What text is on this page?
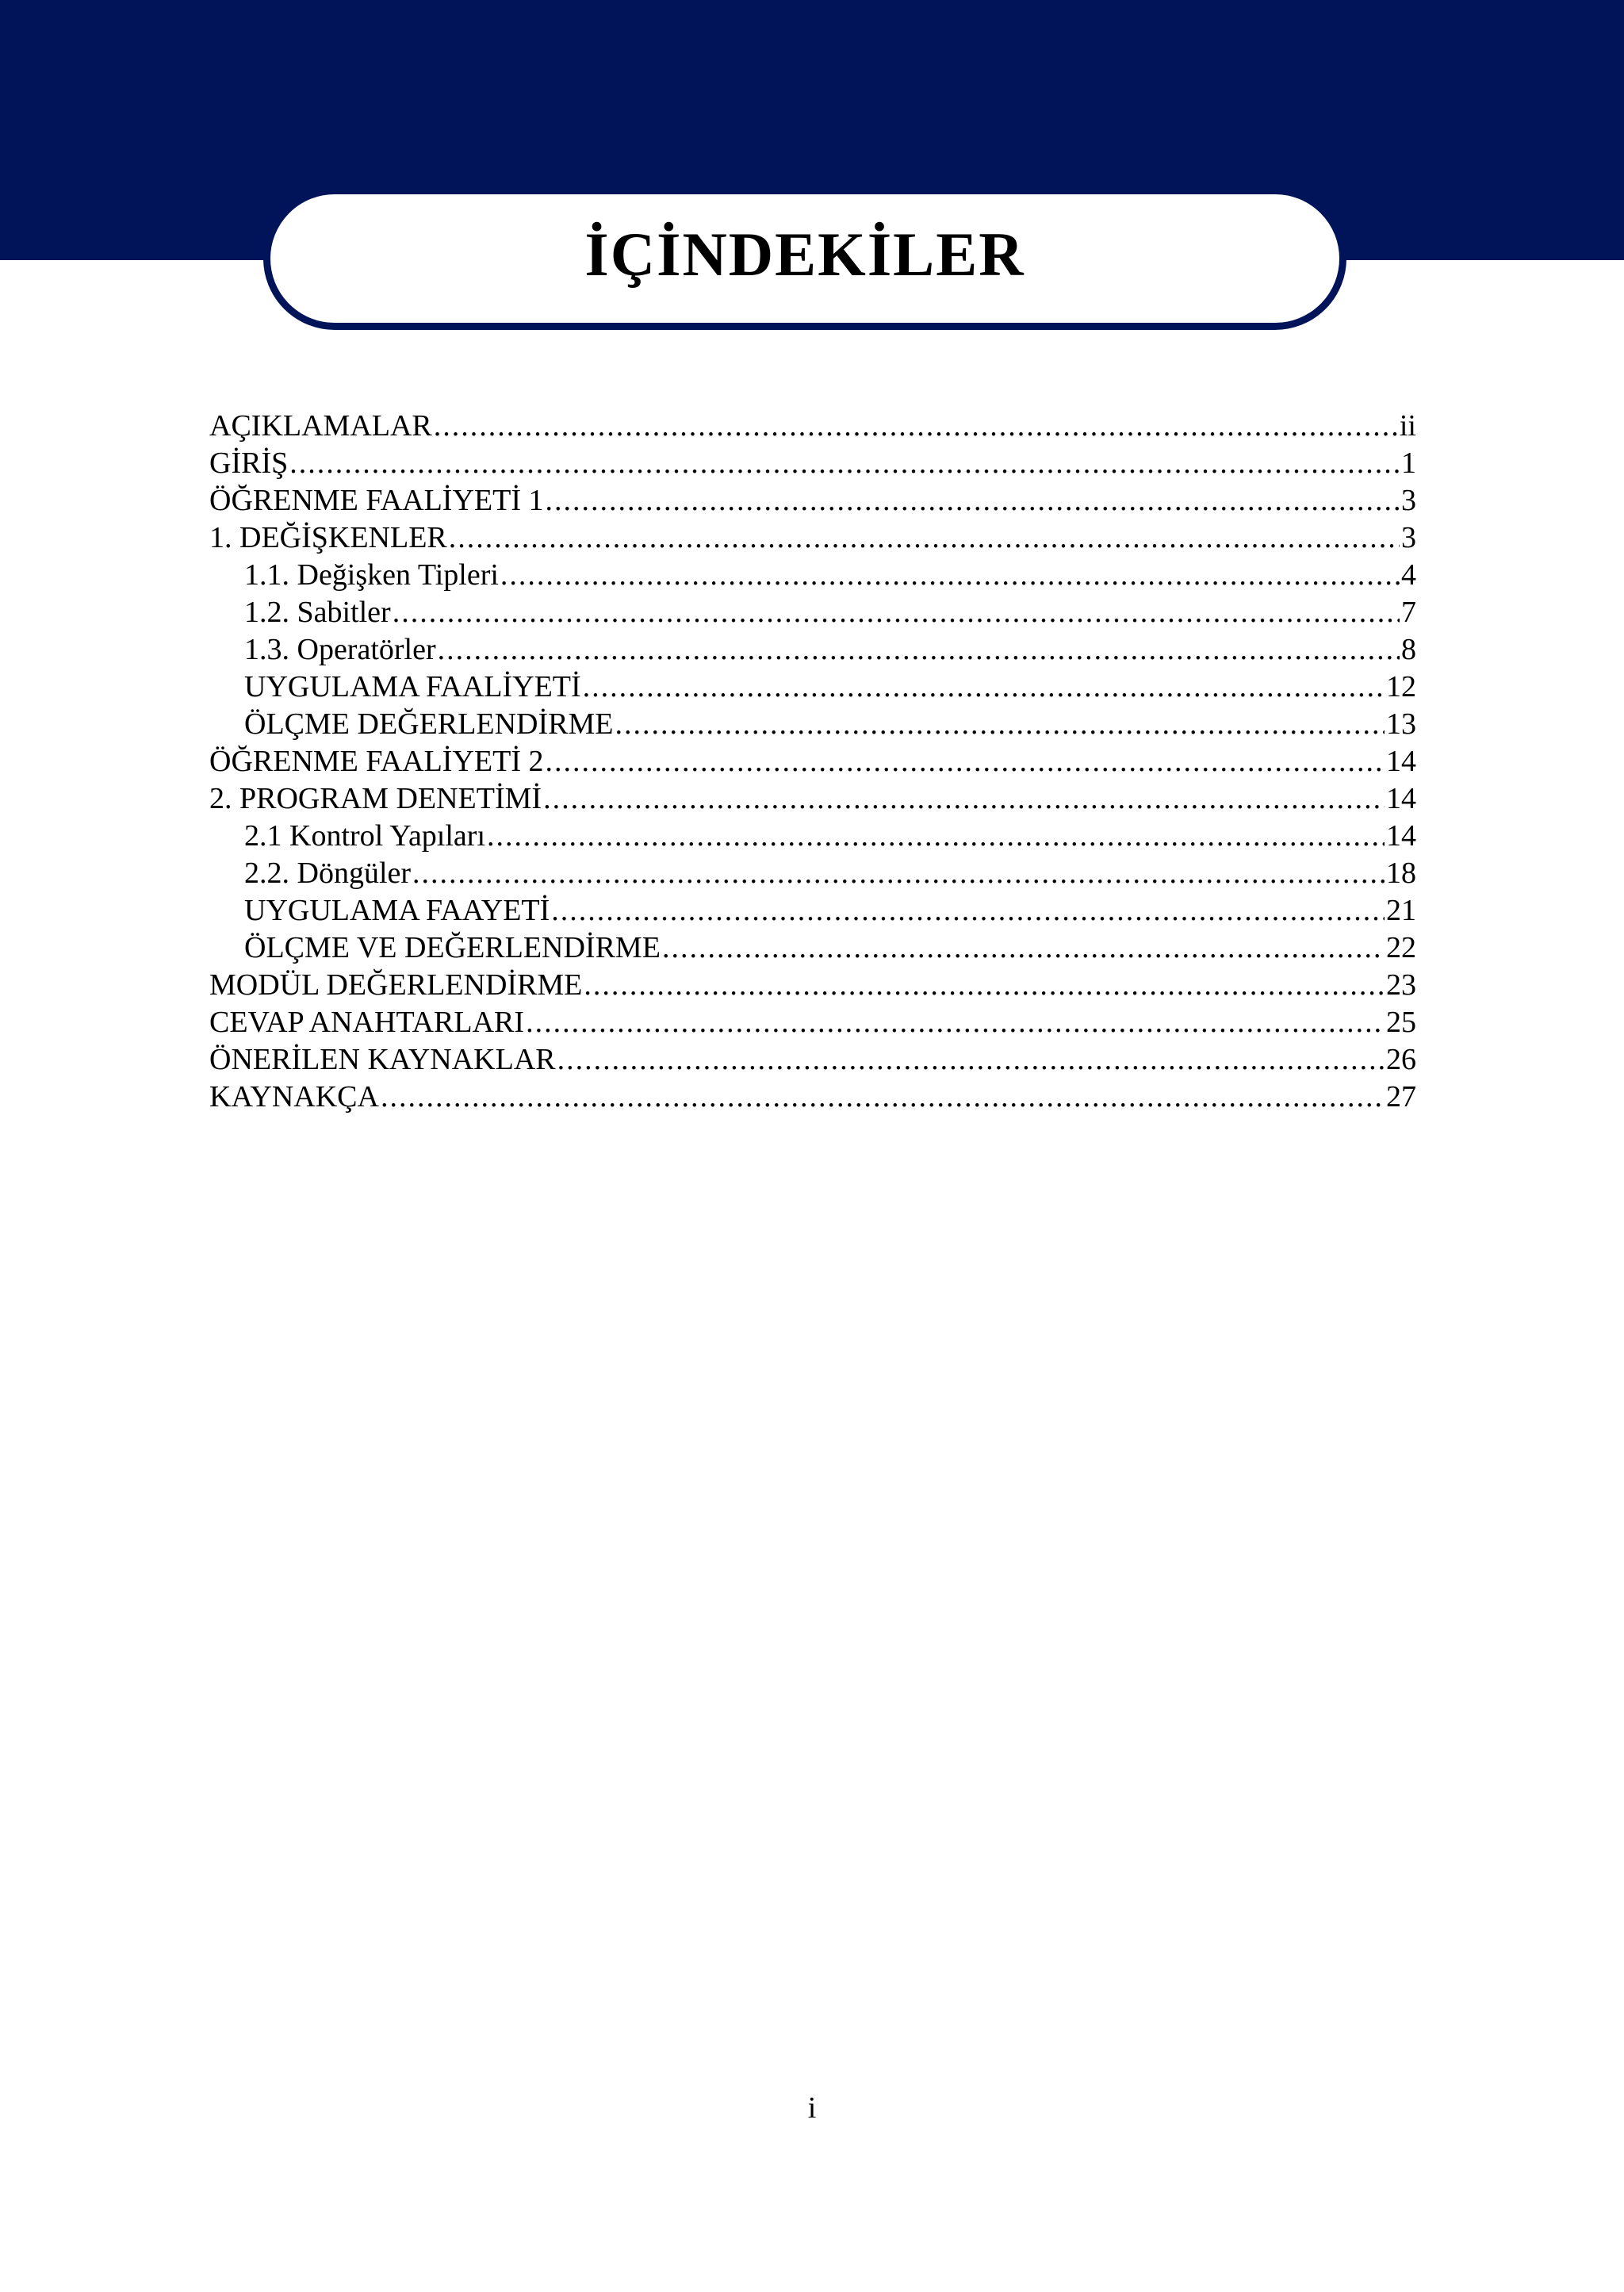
İÇİNDEKİLER
AÇIKLAMALAR .....	ii
GİRİŞ .....	1
ÖĞRENME FAALİYETİ 1 .....	3
1. DEĞİŞKENLER .....	3
1.1. Değişken Tipleri .....	4
1.2. Sabitler .....	7
1.3. Operatörler .....	8
UYGULAMA FAALİYETİ .....	12
ÖLÇME DEĞERLENDİRME .....	13
ÖĞRENME FAALİYETİ 2 .....	14
2. PROGRAM DENETİMİ .....	14
2.1 Kontrol Yapıları .....	14
2.2. Döngüler .....	18
UYGULAMA FAAYETİ .....	21
ÖLÇME VE DEĞERLENDİRME .....	22
MODÜL DEĞERLENDİRME .....	23
CEVAP ANAHTARLARI .....	25
ÖNERİLEN KAYNAKLAR .....	26
KAYNAKÇA .....	27
i
